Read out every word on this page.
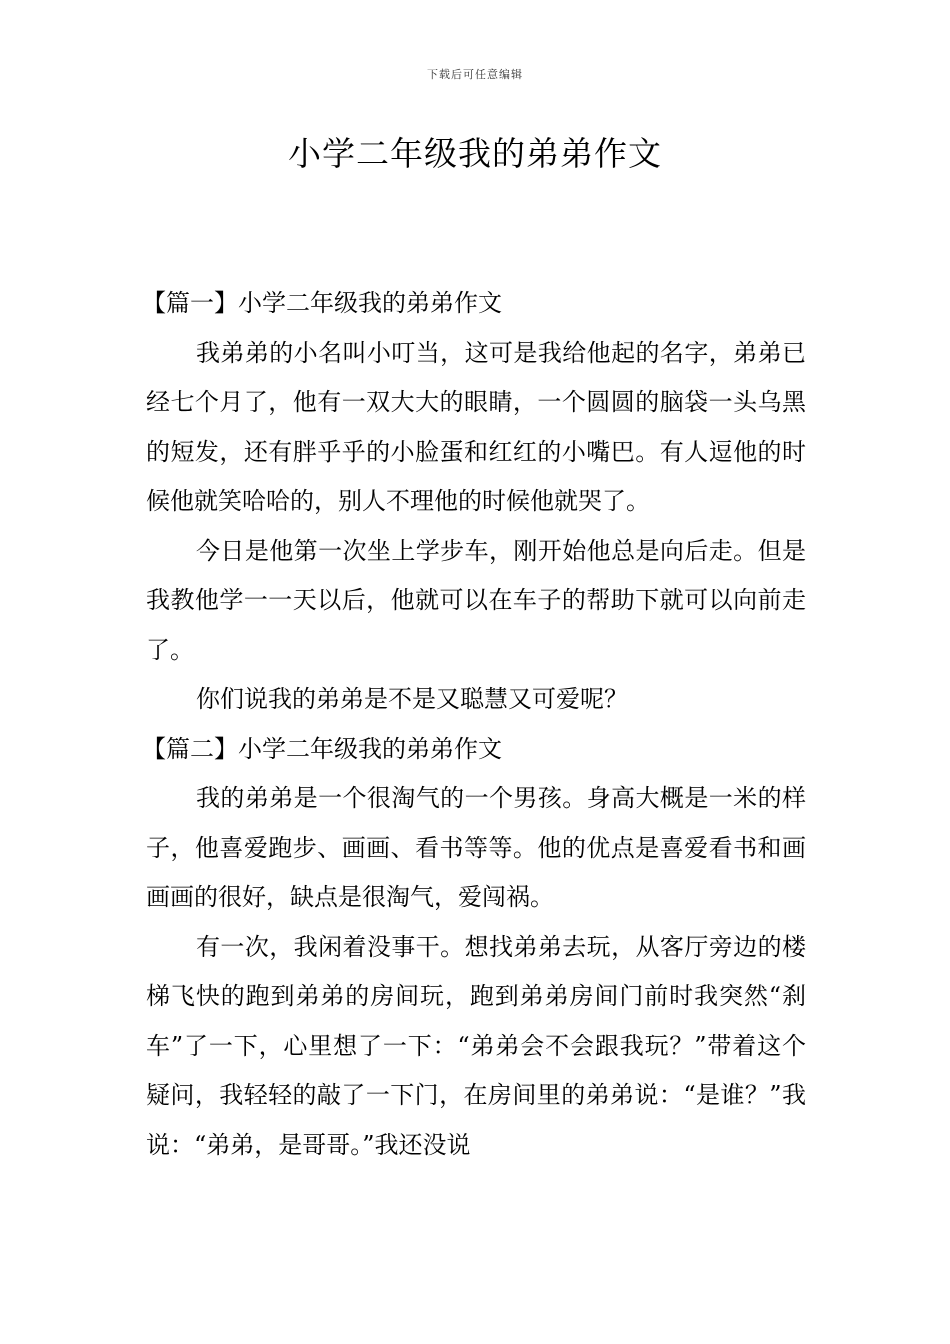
下载后可任意编辑
小学二年级我的弟弟作文

【篇一】小学二年级我的弟弟作文

我弟弟的小名叫小叮当，这可是我给他起的名字，弟弟已经七个月了，他有一双大大的眼睛，一个圆圆的脑袋一头乌黑的短发，还有胖乎乎的小脸蛋和红红的小嘴巴。有人逗他的时候他就笑哈哈的，别人不理他的时候他就哭了。

今日是他第一次坐上学步车，刚开始他总是向后走。但是我教他学一一天以后，他就可以在车子的帮助下就可以向前走了。

你们说我的弟弟是不是又聪慧又可爱呢？

【篇二】小学二年级我的弟弟作文

我的弟弟是一个很淘气的一个男孩。身高大概是一米的样子，他喜爱跑步、画画、看书等等。他的优点是喜爱看书和画画画的很好，缺点是很淘气，爱闯祸。

有一次，我闲着没事干。想找弟弟去玩，从客厅旁边的楼梯飞快的跑到弟弟的房间玩，跑到弟弟房间门前时我突然“刹车”了一下，心里想了一下：“弟弟会不会跟我玩？”带着这个疑问，我轻轻的敲了一下门，在房间里的弟弟说：“是谁？”我说：“弟弟，是哥哥。”我还没说
